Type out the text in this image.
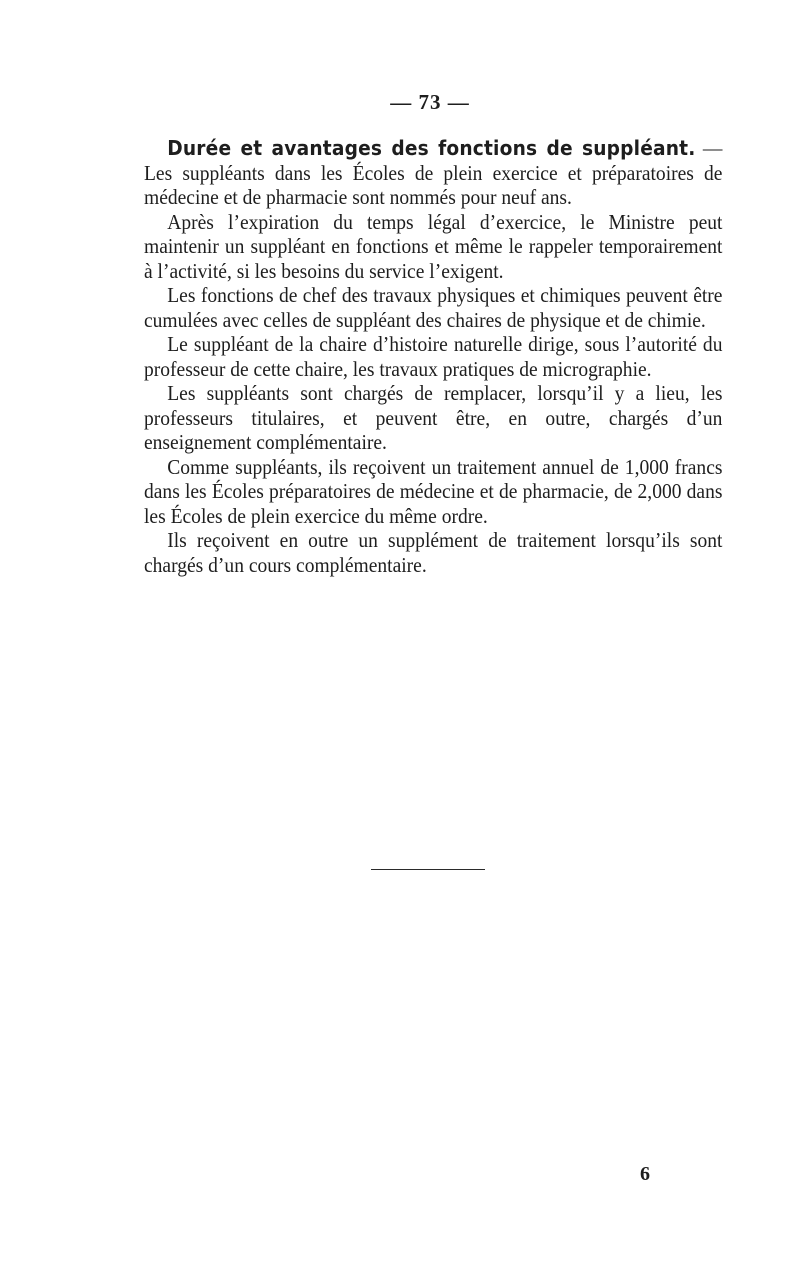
— 73 —

Durée et avantages des fonctions de suppléant. — Les suppléants dans les Écoles de plein exercice et préparatoires de médecine et de pharmacie sont nommés pour neuf ans.

Après l’expiration du temps légal d’exercice, le Ministre peut maintenir un suppléant en fonctions et même le rappeler temporairement à l’activité, si les besoins du service l’exigent.

Les fonctions de chef des travaux physiques et chimiques peuvent être cumulées avec celles de suppléant des chaires de physique et de chimie.

Le suppléant de la chaire d’histoire naturelle dirige, sous l’autorité du professeur de cette chaire, les travaux pratiques de micrographie.

Les suppléants sont chargés de remplacer, lorsqu’il y a lieu, les professeurs titulaires, et peuvent être, en outre, chargés d’un enseignement complémentaire.

Comme suppléants, ils reçoivent un traitement annuel de 1,000 francs dans les Écoles préparatoires de médecine et de pharmacie, de 2,000 dans les Écoles de plein exercice du même ordre.

Ils reçoivent en outre un supplément de traitement lorsqu’ils sont chargés d’un cours complémentaire.

6
